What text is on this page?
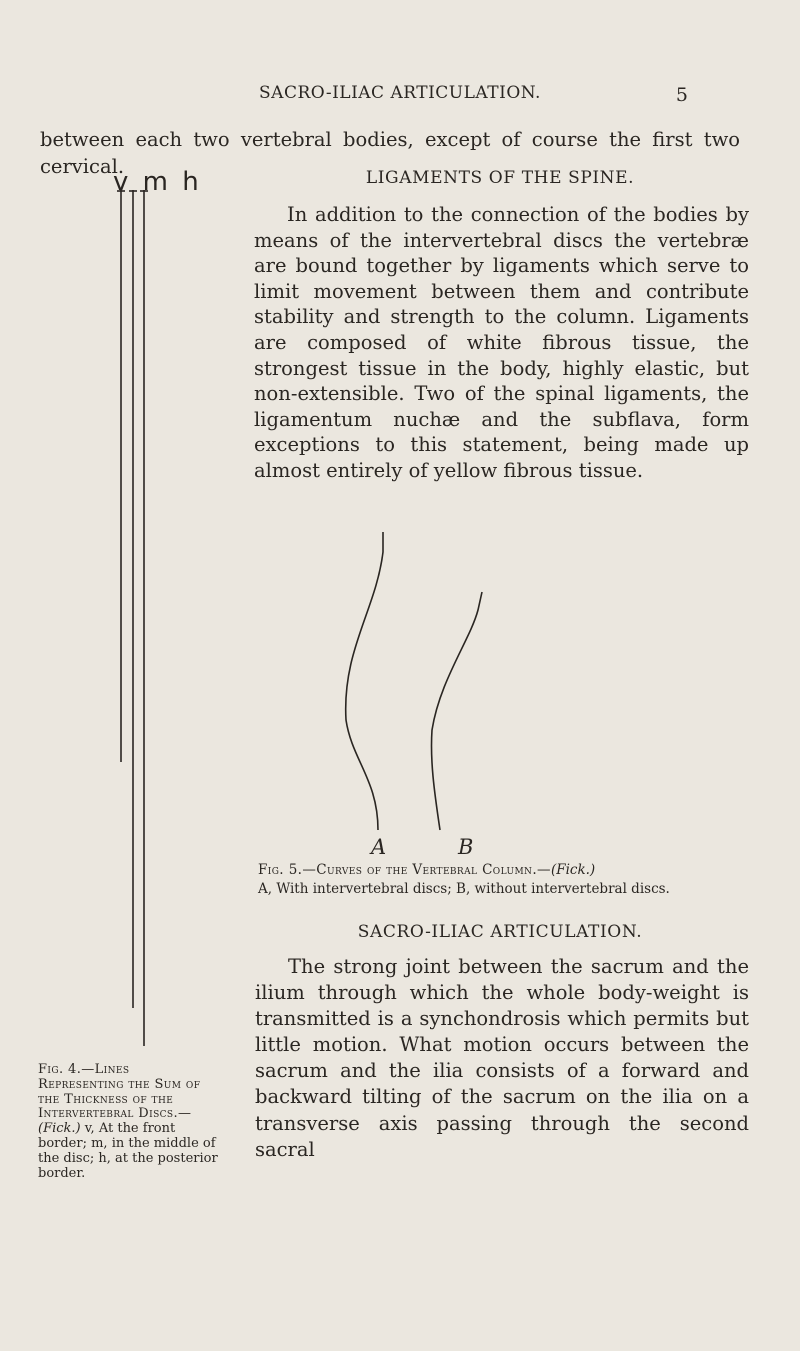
SACRO-ILIAC ARTICULATION.	5
between each two vertebral bodies, except of course the first two cervical.
v m h	LIGAMENTS OF THE SPINE.

In addition to the connection of the bodies by means of the intervertebral discs the vertebræ are bound together by ligaments which serve to limit movement between them and contribute stability and strength to the column. Ligaments are composed of white fibrous tissue, the strongest tissue in the body, highly elastic, but non-extensible. Two of the spinal ligaments, the ligamentum nuchæ and the subflava, form exceptions to this statement, being made up almost entirely of yellow fibrous tissue.

A	B
Fig. 5.—Curves of the Vertebral Column.—(Fick.)
A, With intervertebral discs; B, without intervertebral discs.
SACRO-ILIAC ARTICULATION.

The strong joint between the sacrum and the ilium through which the whole body-weight is transmitted is a synchondrosis which permits but little motion. What motion occurs between the sacrum and the ilia consists of a forward and backward tilting of the sacrum on the ilia on a transverse axis passing through the second sacral

Fig. 4.—Lines Representing the Sum of the Thickness of the Intervertebral Discs.—(Fick.) v, At the front border; m, in the middle of the disc; h, at the posterior border.
